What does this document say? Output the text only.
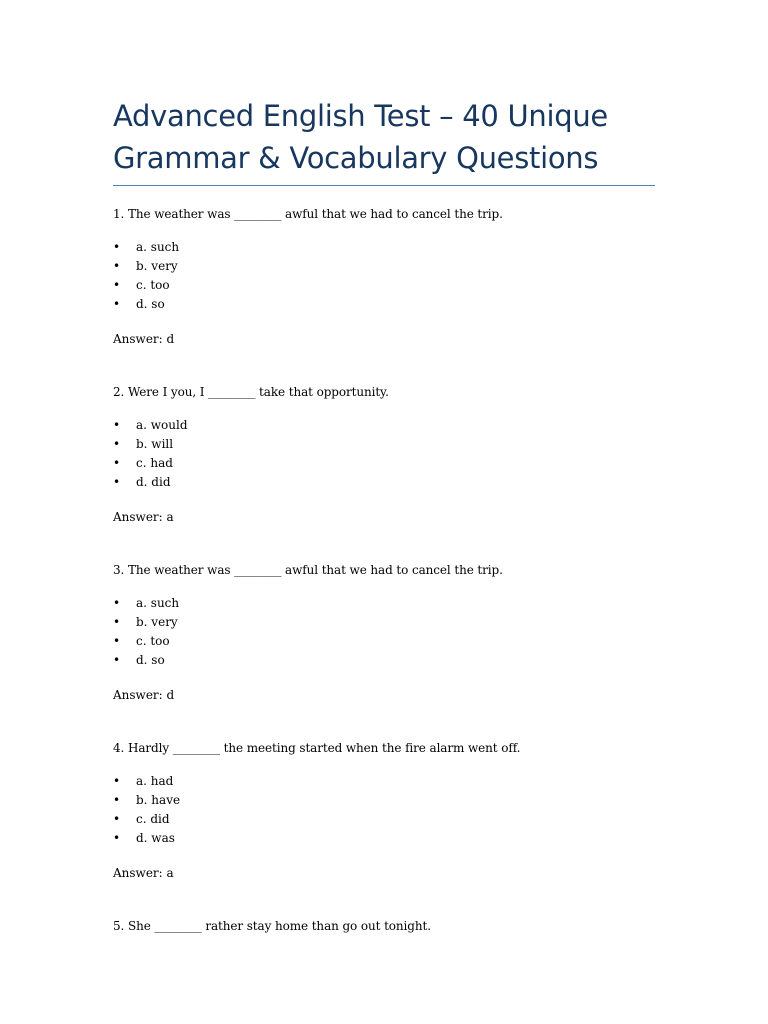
Advanced English Test – 40 Unique Grammar & Vocabulary Questions

1. The weather was ________ awful that we had to cancel the trip.

• a. such
• b. very
• c. too
• d. so

Answer: d

2. Were I you, I ________ take that opportunity.

• a. would
• b. will
• c. had
• d. did

Answer: a

3. The weather was ________ awful that we had to cancel the trip.

• a. such
• b. very
• c. too
• d. so

Answer: d

4. Hardly ________ the meeting started when the fire alarm went off.

• a. had
• b. have
• c. did
• d. was

Answer: a

5. She ________ rather stay home than go out tonight.
